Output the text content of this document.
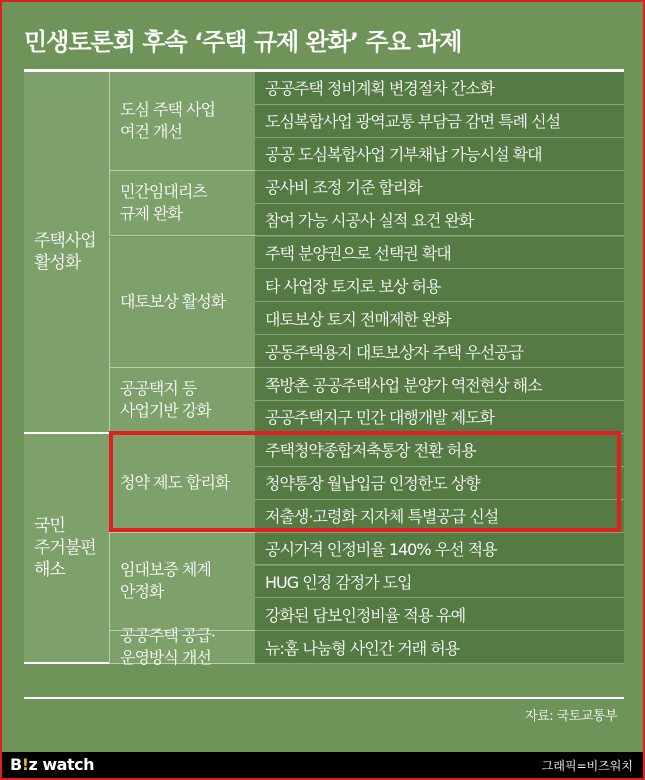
민생토론회 후속 ‘주택 규제 완화’ 주요 과제
공공주택 정비계획 변경절차 간소화
도심복합사업 광역교통 부담금 감면 특례 신설
공공 도심복합사업 기부채납 가능시설 확대
도심 주택 사업
여건 개선
공사비 조정 기준 합리화
참여 가능 시공사 실적 요건 완화
민간임대리츠
규제 완화
주택 분양권으로 선택권 확대
타 사업장 토지로 보상 허용
대토보상 토지 전매제한 완화
공동주택용지 대토보상자 주택 우선공급
대토보상 활성화
쪽방촌 공공주택사업 분양가 역전현상 해소
공공주택지구 민간 대행개발 제도화
공공택지 등
사업기반 강화
주택사업
활성화
주택청약종합저축통장 전환 허용
청약통장 월납입금 인정한도 상향
저출생·고령화 지자체 특별공급 신설
청약 제도 합리화
공시가격 인정비율 140% 우선 적용
HUG 인정 감정가 도입
강화된 담보인정비율 적용 유예
임대보증 체계
안정화
뉴:홈 나눔형 사인간 거래 허용
공공주택 공급·
운영방식 개선
국민
주거불편
해소
자료: 국토교통부
B!z watch	그래픽=비즈워치
